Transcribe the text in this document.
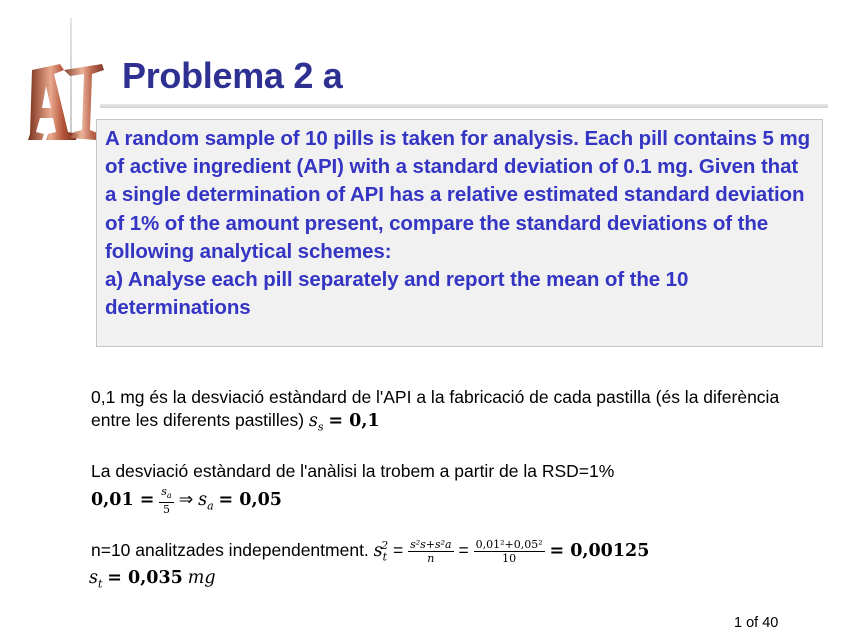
Problema 2 a

A random sample of 10 pills is taken for analysis. Each pill contains 5 mg of active ingredient (API) with a standard deviation of 0.1 mg. Given that a single determination of API has a relative estimated standard deviation of 1% of the amount present, compare the standard deviations of the following analytical schemes:

a) Analyse each pill separately and report the mean of the 10 determinations

0,1 mg és la desviació estàndard de l'API a la fabricació de cada pastilla (és la diferència entre les diferents pastilles) $s_s = 0,1$
La desviació estàndard de l'anàlisi la trobem a partir de la RSD=1%
$0,01 = \frac{s_a}{5}$ ⇒ $s_a = 0,05$
n=10 analitzades independentment. $s_t^2 = \frac{\text{s²s+s²a}}{n} = \frac{\text{0,01²+0,05²}}{10} = 0,00125$
$s_t = 0,035$ mg
1 of 40
